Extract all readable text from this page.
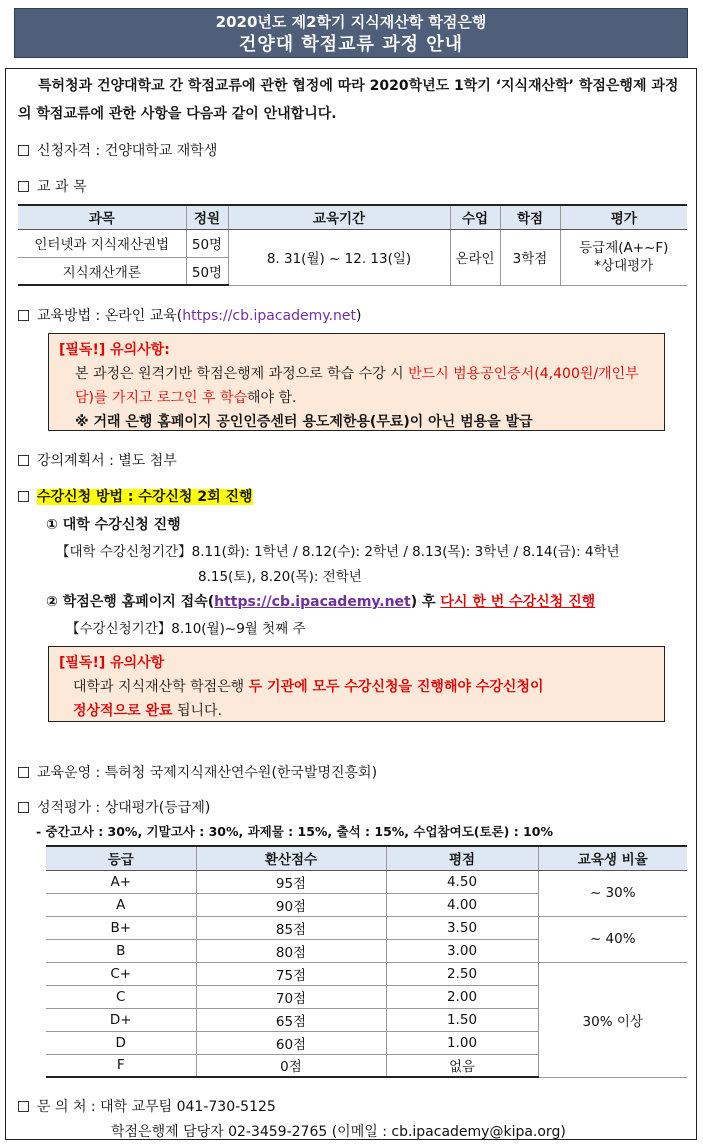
2020년도 제2학기 지식재산학 학점은행
건양대 학점교류 과정 안내
특허청과 건양대학교 간 학점교류에 관한 협정에 따라 2020학년도 1학기 ‘지식재산학’ 학점은행제 과정의 학점교류에 관한 사항을 다음과 같이 안내합니다.
신청자격 : 건양대학교 재학생
교 과 목
과목	정원	교육기간	수업	학점	평가
인터넷과 지식재산권법	50명	8. 31(월) ~ 12. 13(일)	온라인	3학점	등급제(A+~F)
*상대평가

지식재산개론	50명				
교육방법 : 온라인 교육(https://cb.ipacademy.net)
[필독!] 유의사항:
본 과정은 원격기반 학점은행제 과정으로 학습 수강 시 반드시 범용공인증서(4,400원/개인부담)를 가지고 로그인 후 학습해야 함.
※ 거래 은행 홈페이지 공인인증센터 용도제한용(무료)이 아닌 범용을 발급
강의계획서 : 별도 첨부
수강신청 방법 : 수강신청 2회 진행
① 대학 수강신청 진행
【대학 수강신청기간】8.11(화): 1학년 / 8.12(수): 2학년 / 8.13(목): 3학년 / 8.14(금): 4학년
8.15(토), 8.20(목): 전학년
② 학점은행 홈페이지 접속(https://cb.ipacademy.net) 후 다시 한 번 수강신청 진행
【수강신청기간】8.10(월)~9월 첫째 주
[필독!] 유의사항
대학과 지식재산학 학점은행 두 기관에 모두 수강신청을 진행해야 수강신청이
정상적으로 완료 됩니다.
교육운영 : 특허청 국제지식재산연수원(한국발명진흥회)
성적평가 : 상대평가(등급제)
- 중간고사 : 30%, 기말고사 : 30%, 과제물 : 15%, 출석 : 15%, 수업참여도(토론) : 10%
등급	환산점수	평점	교육생 비율
A+	95점	4.50	~ 30%
A	90점	4.00	
B+	85점	3.50	~ 40%
B	80점	3.00	
C+	75점	2.50	30% 이상
C	70점	2.00	
D+	65점	1.50	
D	60점	1.00	
F	0점	없음	
문 의 처 : 대학 교무팀 041-730-5125
학점은행제 담당자 02-3459-2765 (이메일 : cb.ipacademy@kipa.org)
